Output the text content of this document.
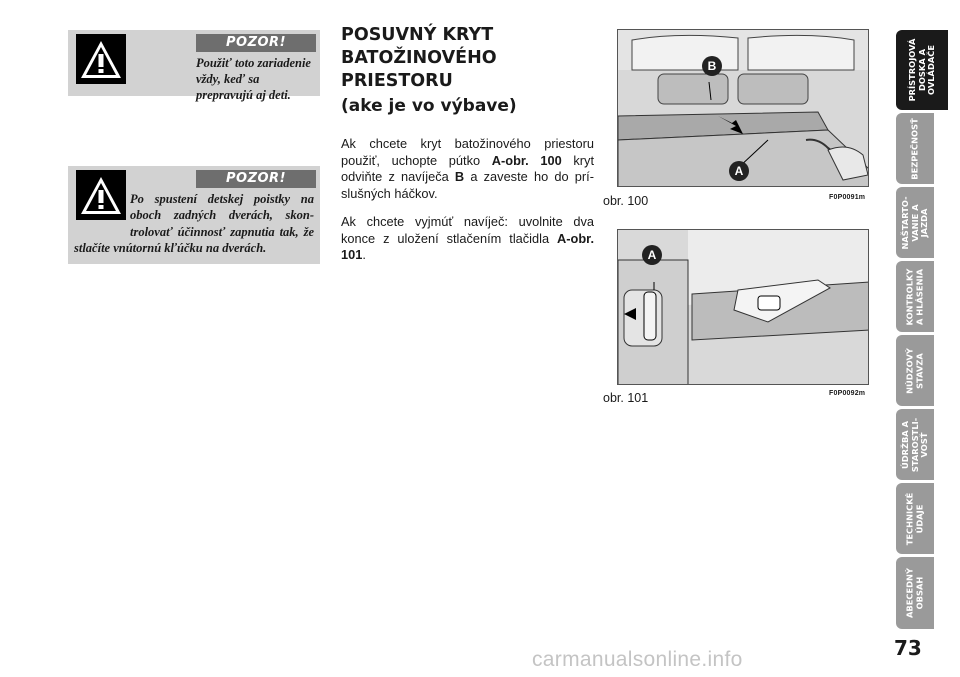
POZOR!
Použiť toto zariadenie vždy, keď sa prepravujú aj deti.
POZOR!
Po spustení detskej poistky na oboch zadných dverách, skon-trolovať účinnosť zapnutia tak, že stlačíte vnútornú kľúčku na dverách.
POSUVNÝ KRYT BATOŽINOVÉHO PRIESTORU
(ake je vo výbave)

Ak chcete kryt batožinového priestoru použiť, uchopte pútko A-obr. 100 kryt odviňte z navíječa B a zaveste ho do prí-slušných háčkov.

Ak chcete vyjmúť navíječ: uvolnite dva konce z uložení stlačením tlačidla A-obr. 101.

B
A
obr. 100	F0P0091m
A
obr. 101	F0P0092m
PRÍSTROJOVÁ
DOSKA A
OVLÁDAČE
BEZPEČNOSŤ
NAŠTARTO-
VANIE A
JAZDA
KONTROLKY
A HLÁSENIA
NÚDZOVÝ
STAVZA
ÚDRŽBA A
STAROSTLI-
VOSŤ
TECHNICKÉ
ÚDAJE
ABECEDNÝ
OBSAH
73
carmanualsonline.info
